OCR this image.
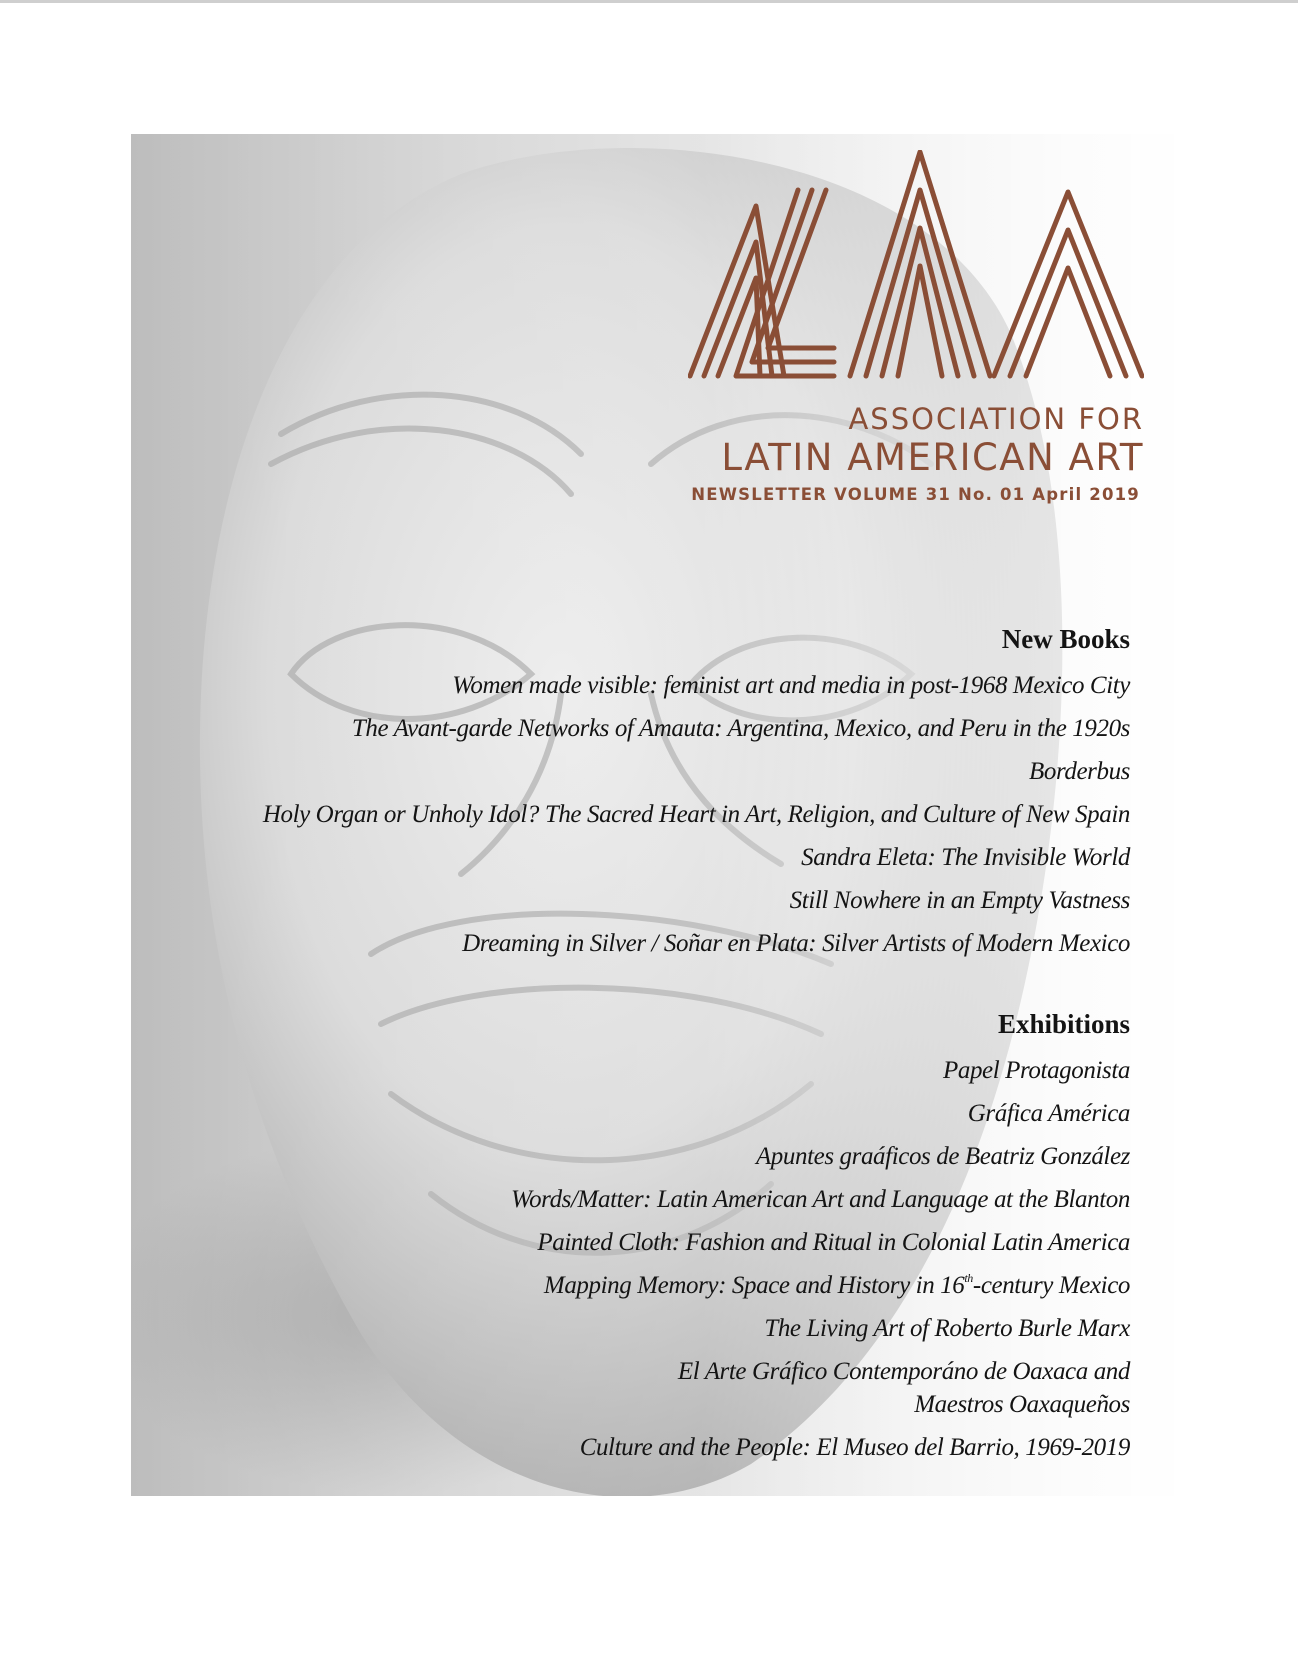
ASSOCIATION FOR
LATIN AMERICAN ART
NEWSLETTER VOLUME 31 No. 01 April 2019
New Books
Women made visible: feminist art and media in post-1968 Mexico City
The Avant-garde Networks of Amauta: Argentina, Mexico, and Peru in the 1920s
Borderbus
Holy Organ or Unholy Idol? The Sacred Heart in Art, Religion, and Culture of New Spain
Sandra Eleta: The Invisible World
Still Nowhere in an Empty Vastness
Dreaming in Silver / Soñar en Plata: Silver Artists of Modern Mexico
Exhibitions
Papel Protagonista
Gráfica América
Apuntes graáficos de Beatriz González
Words/Matter: Latin American Art and Language at the Blanton
Painted Cloth: Fashion and Ritual in Colonial Latin America
Mapping Memory: Space and History in 16th-century Mexico
The Living Art of Roberto Burle Marx
El Arte Gráfico Contemporáno de Oaxaca and
Maestros Oaxaqueños
Culture and the People: El Museo del Barrio, 1969-2019
